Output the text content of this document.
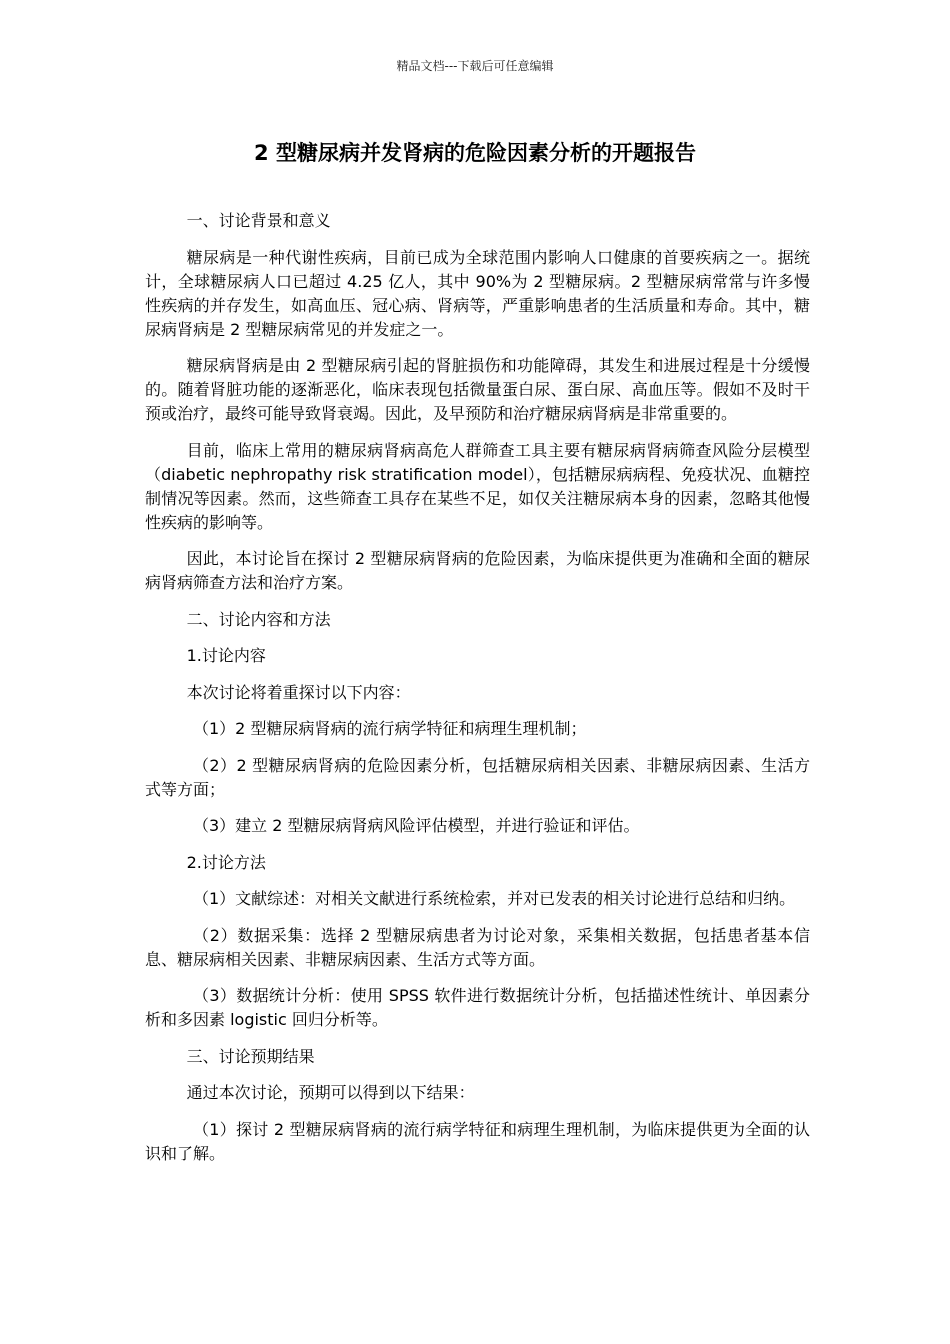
精品文档---下载后可任意编辑
2 型糖尿病并发肾病的危险因素分析的开题报告

一、讨论背景和意义

糖尿病是一种代谢性疾病，目前已成为全球范围内影响人口健康的首要疾病之一。据统计，全球糖尿病人口已超过 4.25 亿人，其中 90%为 2 型糖尿病。2 型糖尿病常常与许多慢性疾病的并存发生，如高血压、冠心病、肾病等，严重影响患者的生活质量和寿命。其中，糖尿病肾病是 2 型糖尿病常见的并发症之一。

糖尿病肾病是由 2 型糖尿病引起的肾脏损伤和功能障碍，其发生和进展过程是十分缓慢的。随着肾脏功能的逐渐恶化，临床表现包括微量蛋白尿、蛋白尿、高血压等。假如不及时干预或治疗，最终可能导致肾衰竭。因此，及早预防和治疗糖尿病肾病是非常重要的。

目前，临床上常用的糖尿病肾病高危人群筛查工具主要有糖尿病肾病筛查风险分层模型（diabetic nephropathy risk stratification model），包括糖尿病病程、免疫状况、血糖控制情况等因素。然而，这些筛查工具存在某些不足，如仅关注糖尿病本身的因素，忽略其他慢性疾病的影响等。

因此，本讨论旨在探讨 2 型糖尿病肾病的危险因素，为临床提供更为准确和全面的糖尿病肾病筛查方法和治疗方案。

二、讨论内容和方法

1.讨论内容

本次讨论将着重探讨以下内容：

（1）2 型糖尿病肾病的流行病学特征和病理生理机制；

（2）2 型糖尿病肾病的危险因素分析，包括糖尿病相关因素、非糖尿病因素、生活方式等方面；

（3）建立 2 型糖尿病肾病风险评估模型，并进行验证和评估。

2.讨论方法

（1）文献综述：对相关文献进行系统检索，并对已发表的相关讨论进行总结和归纳。

（2）数据采集：选择 2 型糖尿病患者为讨论对象，采集相关数据，包括患者基本信息、糖尿病相关因素、非糖尿病因素、生活方式等方面。

（3）数据统计分析：使用 SPSS 软件进行数据统计分析，包括描述性统计、单因素分析和多因素 logistic 回归分析等。

三、讨论预期结果

通过本次讨论，预期可以得到以下结果：

（1）探讨 2 型糖尿病肾病的流行病学特征和病理生理机制，为临床提供更为全面的认识和了解。
